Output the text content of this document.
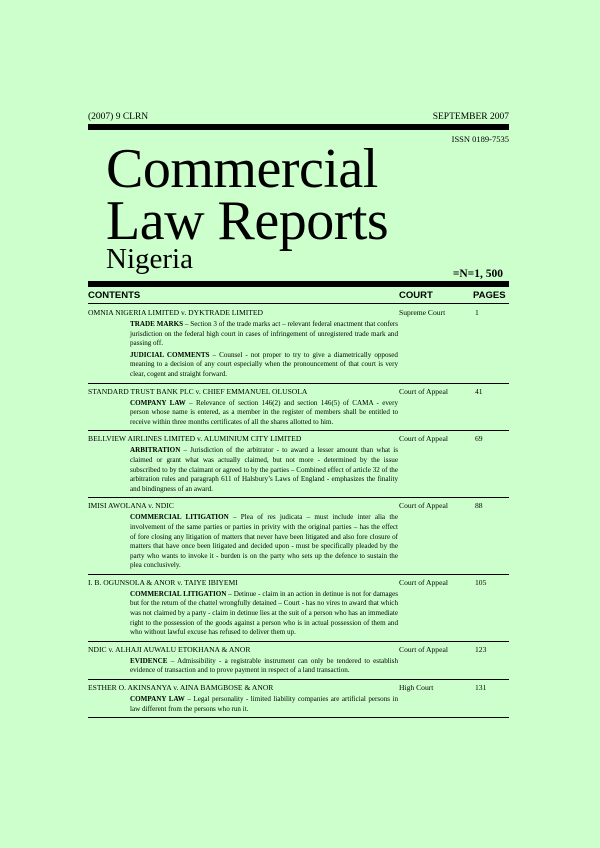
(2007) 9 CLRN	SEPTEMBER 2007
ISSN 0189-7535
Commercial
Law Reports
Nigeria	=N=1, 500
CONTENTS	COURT	PAGES
OMNIA NIGERIA LIMITED v. DYKTRADE LIMITED	Supreme Court	1
TRADE MARKS – Section 3 of the trade marks act – relevant federal enactment that confers jurisdiction on the federal high court in cases of infringement of unregistered trade mark and passing off.
JUDICIAL COMMENTS – Counsel - not proper to try to give a diametrically opposed meaning to a decision of any court especially when the pronouncement of that court is very clear, cogent and straight forward.
STANDARD TRUST BANK PLC v. CHIEF EMMANUEL OLUSOLA	Court of Appeal	41
COMPANY LAW – Relevance of section 146(2) and section 146(5) of CAMA - every person whose name is entered, as a member in the register of members shall be entitled to receive within three months certificates of all the shares allotted to him.
BELLVIEW AIRLINES LIMITED v. ALUMINIUM CITY LIMITED	Court of Appeal	69
ARBITRATION – Jurisdiction of the arbitrator - to award a lesser amount than what is claimed or grant what was actually claimed, but not more - determined by the issue subscribed to by the claimant or agreed to by the parties – Combined effect of article 32 of the arbitration rules and paragraph 611 of Halsbury’s Laws of England - emphasizes the finality and bindingness of an award.
IMISI AWOLANA v. NDIC	Court of Appeal	88
COMMERCIAL LITIGATION – Plea of res judicata – must include inter alia the involvement of the same parties or parties in privity with the original parties – has the effect of fore closing any litigation of matters that never have been litigated and also fore closure of matters that have once been litigated and decided upon - must be specifically pleaded by the party who wants to invoke it - burden is on the party who sets up the defence to sustain the plea conclusively.
I. B. OGUNSOLA & ANOR v. TAIYE IBIYEMI	Court of Appeal	105
COMMERCIAL LITIGATION – Detinue - claim in an action in detinue is not for damages but for the return of the chattel wrongfully detained – Court - has no vires to award that which was not claimed by a party - claim in detinue lies at the suit of a person who has an immediate right to the possession of the goods against a person who is in actual possession of them and who without lawful excuse has refused to deliver them up.
NDIC v. ALHAJI AUWALU ETOKHANA & ANOR	Court of Appeal	123
EVIDENCE – Admissibility - a registrable instrument can only be tendered to establish evidence of transaction and to prove payment in respect of a land transaction.
ESTHER O. AKINSANYA v. AINA BAMGBOSE & ANOR	High Court	131
COMPANY LAW – Legal personality - limited liability companies are artificial persons in law different from the persons who run it.
